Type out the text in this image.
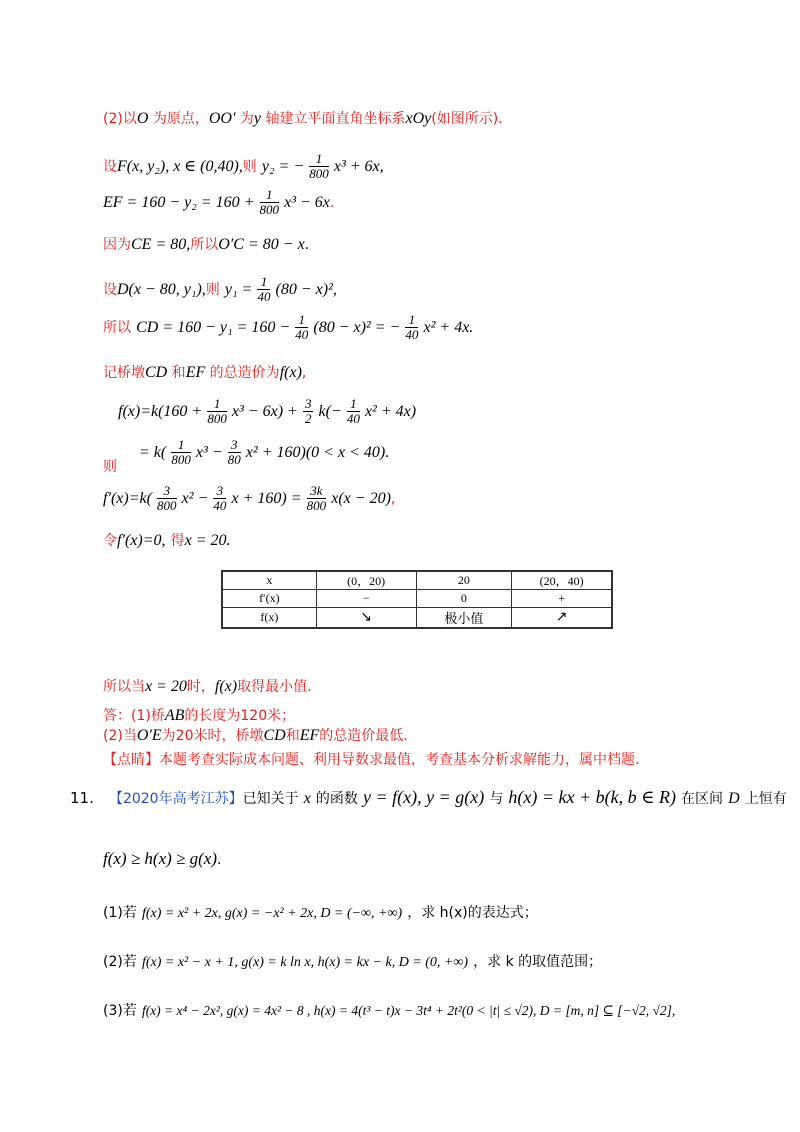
(2)以O 为原点，OO′ 为y 轴建立平面直角坐标系xOy(如图所示).
设F(x, y₂), x ∈ (0,40),则 y₂ = − $\frac{1}{800} x^3 + 6x$,
EF = $160 - y_2 = 160 + \frac{1}{800} x^3 - 6x$.
因为CE = 80,所以O′C = 80 − x.
设D(x − 80, y₁),则 $y_1 = \frac{1}{40} (80 - x)^2$,
所以 CD = $160 - y_1 = 160 - \frac{1}{40} (80 - x)^2$ = − $\frac{1}{40} x^2 + 4x$.
记桥墩CD 和EF 的总造价为f(x),
$f(x)=k(160 + \frac{1}{800} x^3 - 6x) + \frac{3}{2} k(- \frac{1}{40} x^2 + 4x)$
= $k( \frac{1}{800} x^3 - \frac{3}{80} x^2 + 160)(0 < x < 40)$.
则
$f'(x)=k( \frac{3}{800} x^2 - \frac{3}{40}$ $x + 160) = \frac{3k}{800} x(x - 20)$,
令f′(x)=0, 得x = 20.
x	(0，20)	20	(20，40)
f′(x)	−	0	+
f(x)	↘	极小值	↗
所以当x = 20时，f(x)取得最小值.
答：(1)桥AB的长度为120米；
(2)当O′E为20米时，桥墩CD和EF的总造价最低.
【点睛】本题考查实际成本问题、利用导数求最值，考查基本分析求解能力，属中档题.
11. 【2020年高考江苏】已知关于 x 的函数 y = f(x), y = g(x) 与 h(x) = kx + b(k, b ∈ R) 在区间 D 上恒有
f(x) ≥ h(x) ≥ g(x).
(1)若 f(x) = x² + 2x, g(x) = −x² + 2x, D = (−∞, +∞) ，求 h(x)的表达式；
(2)若 f(x) = x² − x + 1, g(x) = k ln x, h(x) = kx − k, D = (0, +∞) ，求 k 的取值范围；
(3)若 f(x) = x⁴ − 2x², g(x) = 4x² − 8 , h(x) = 4(t³ − t)x − 3t⁴ + 2t²(0 < |t| ≤ √2), D = [m, n] ⊆ [−√2, √2],
